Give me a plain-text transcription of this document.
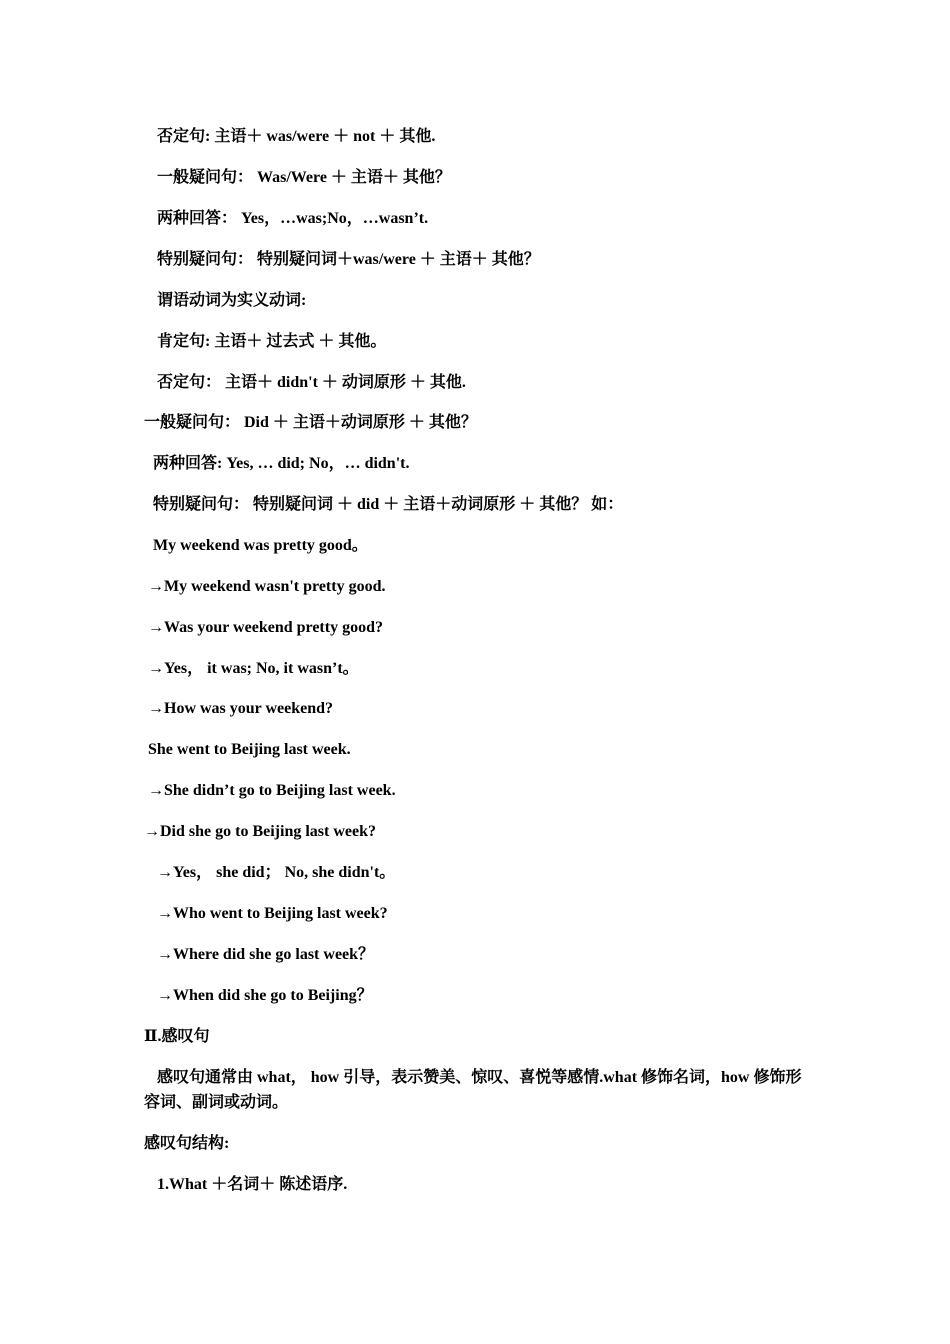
否定句: 主语＋ was/were ＋ not ＋ 其他.
一般疑问句： Was/Were ＋ 主语＋ 其他？
两种回答： Yes，…was;No，…wasn’t.
特别疑问句： 特别疑问词＋was/were ＋ 主语＋ 其他？
谓语动词为实义动词:
肯定句: 主语＋ 过去式 ＋ 其他。
否定句： 主语＋ didn't ＋ 动词原形 ＋ 其他.
一般疑问句： Did ＋ 主语＋动词原形 ＋ 其他？
两种回答: Yes, … did; No，… didn't.
特别疑问句： 特别疑问词 ＋ did ＋ 主语＋动词原形 ＋ 其他？ 如：
My weekend was pretty good。
→My weekend wasn't pretty good.
→Was your weekend pretty good?
→Yes， it was; No, it wasn’t。
→How was your weekend?
She went to Beijing last week.
→She didn’t go to Beijing last week.
→Did she go to Beijing last week?
→Yes， she did； No, she didn't。
→Who went to Beijing last week?
→Where did she go last week？
→When did she go to Beijing？
Ⅱ.感叹句
感叹句通常由 what， how 引导，表示赞美、惊叹、喜悦等感情.what 修饰名词，how 修饰形容词、副词或动词。
感叹句结构:
1.What ＋名词＋ 陈述语序.
